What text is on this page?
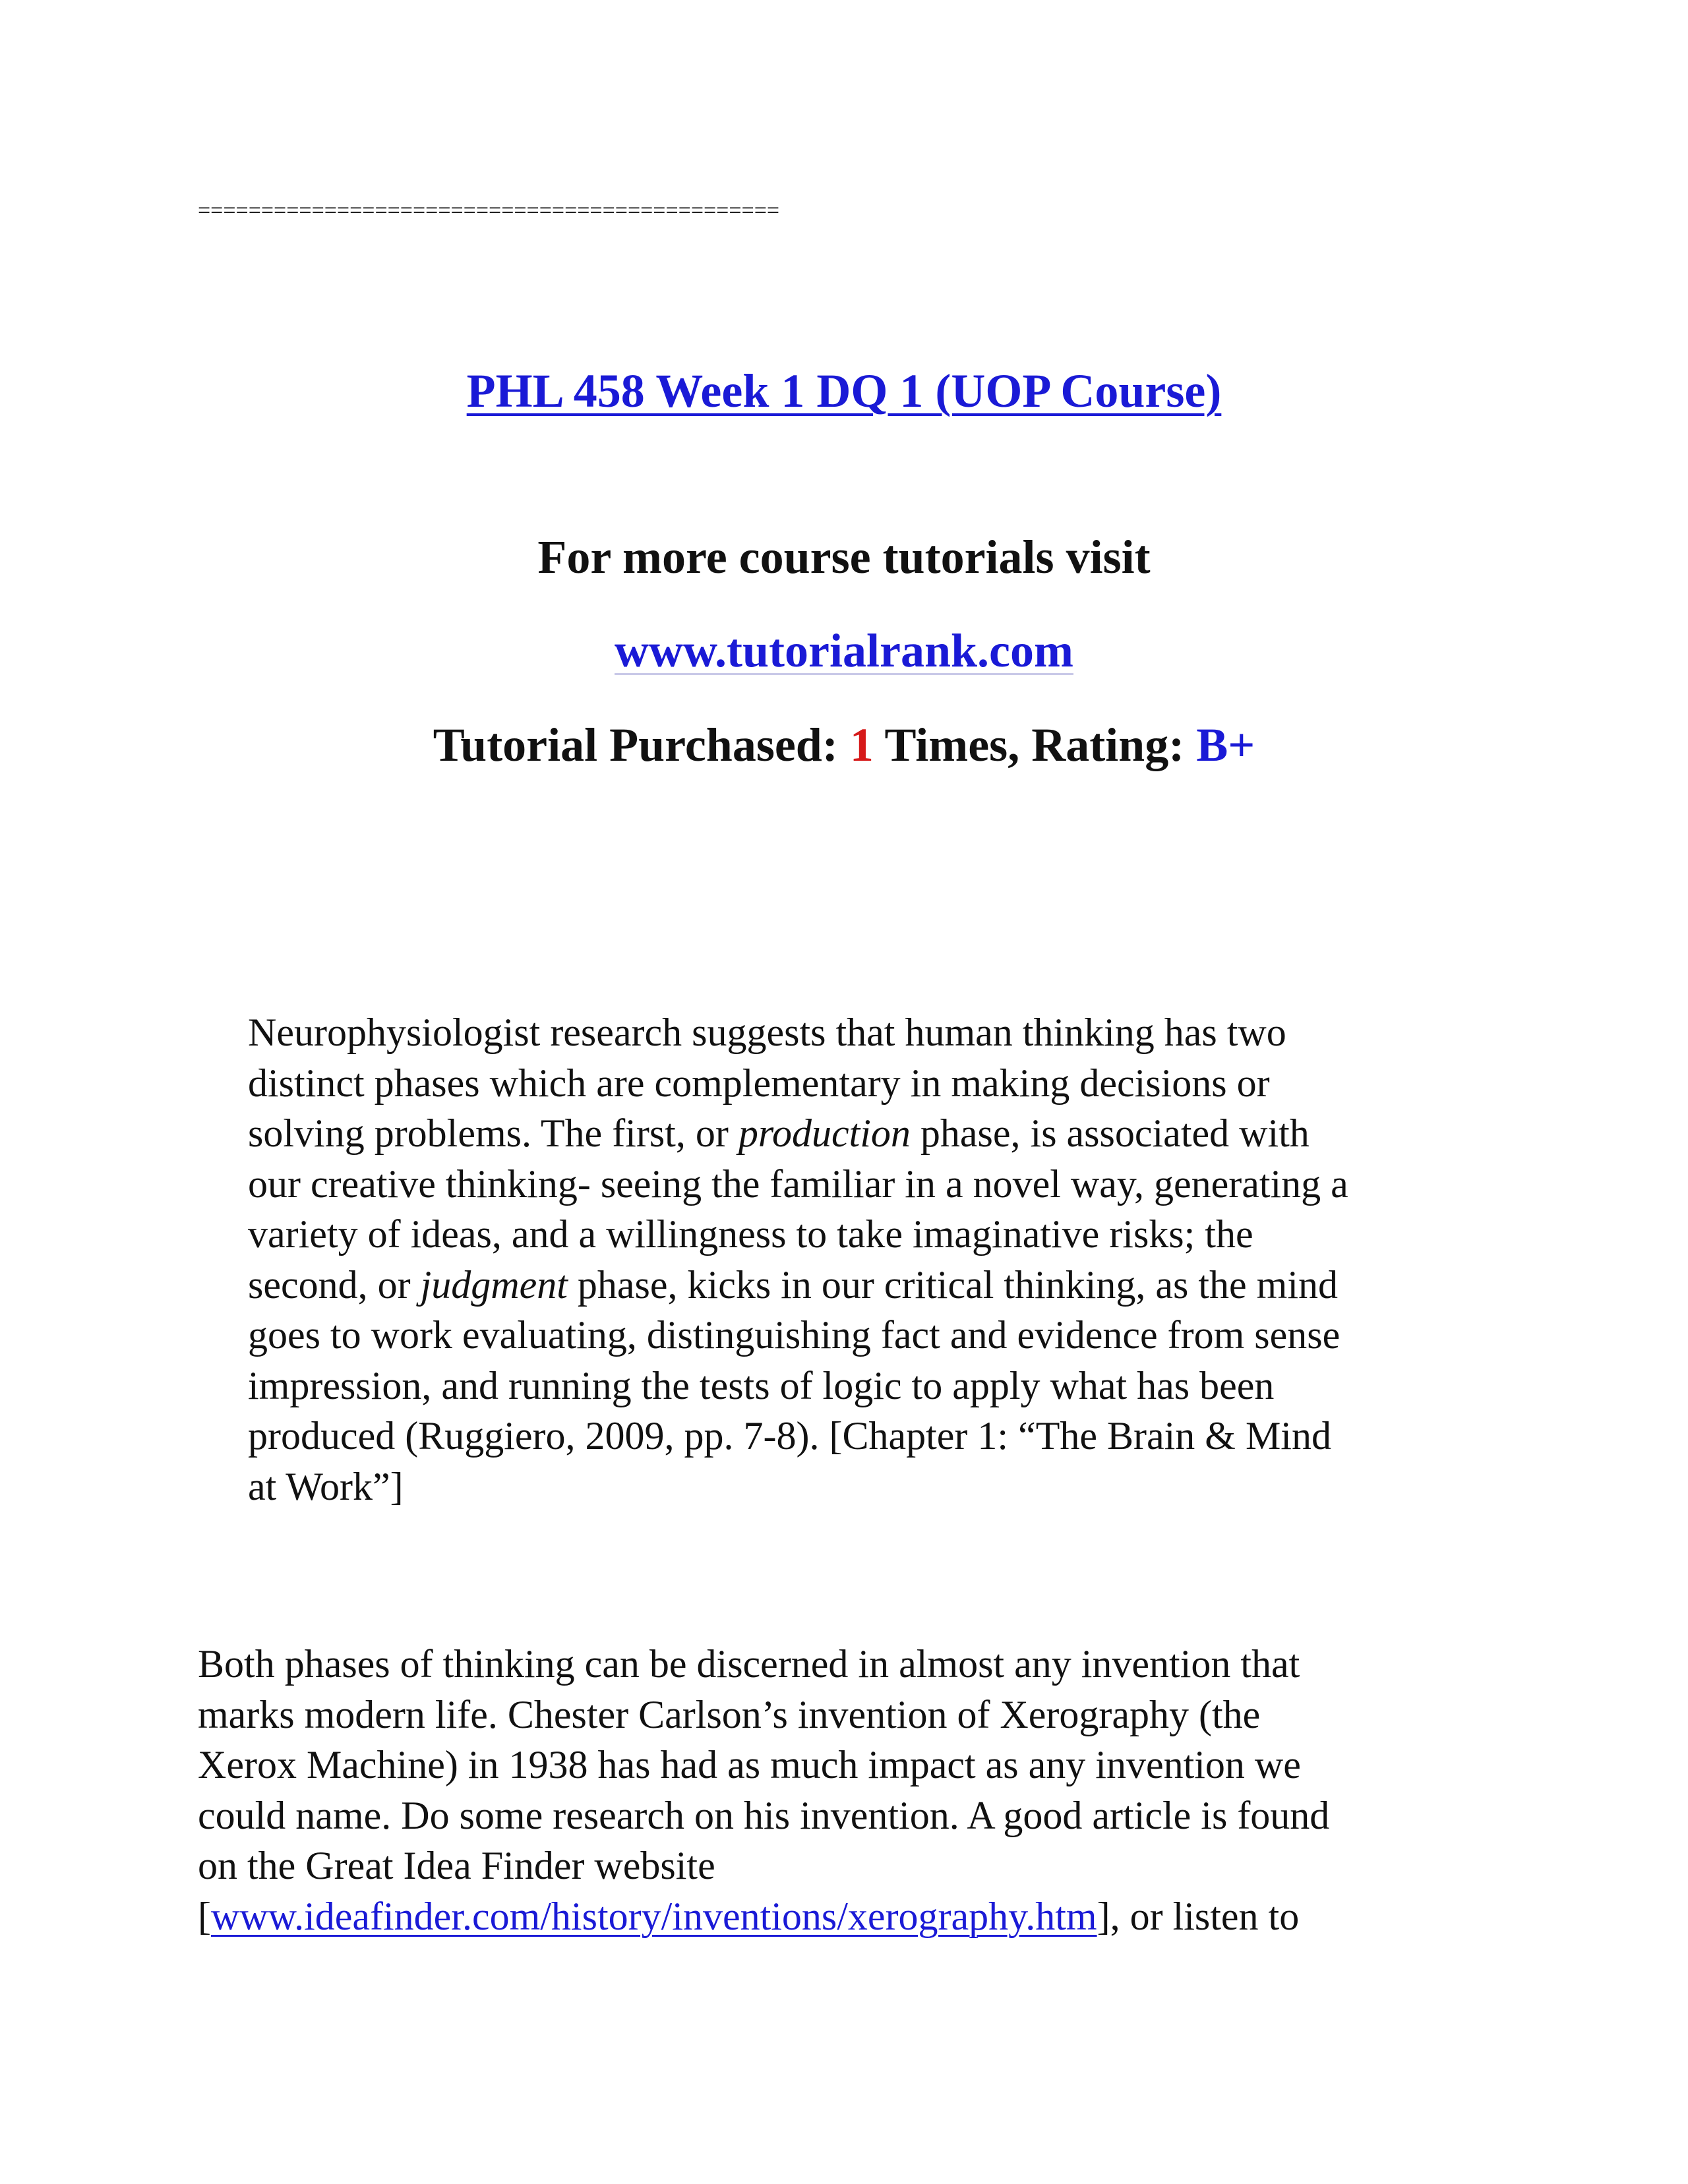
==============================================
PHL 458 Week 1 DQ 1 (UOP Course)
For more course tutorials visit
www.tutorialrank.com
Tutorial Purchased: 1 Times, Rating: B+
Neurophysiologist research suggests that human thinking has two
distinct phases which are complementary in making decisions or
solving problems. The first, or production phase, is associated with
our creative thinking- seeing the familiar in a novel way, generating a
variety of ideas, and a willingness to take imaginative risks; the
second, or judgment phase, kicks in our critical thinking, as the mind
goes to work evaluating, distinguishing fact and evidence from sense
impression, and running the tests of logic to apply what has been
produced (Ruggiero, 2009, pp. 7-8). [Chapter 1: “The Brain & Mind
at Work”]
Both phases of thinking can be discerned in almost any invention that
marks modern life. Chester Carlson’s invention of Xerography (the
Xerox Machine) in 1938 has had as much impact as any invention we
could name. Do some research on his invention. A good article is found
on the Great Idea Finder website
[www.ideafinder.com/history/inventions/xerography.htm], or listen to
